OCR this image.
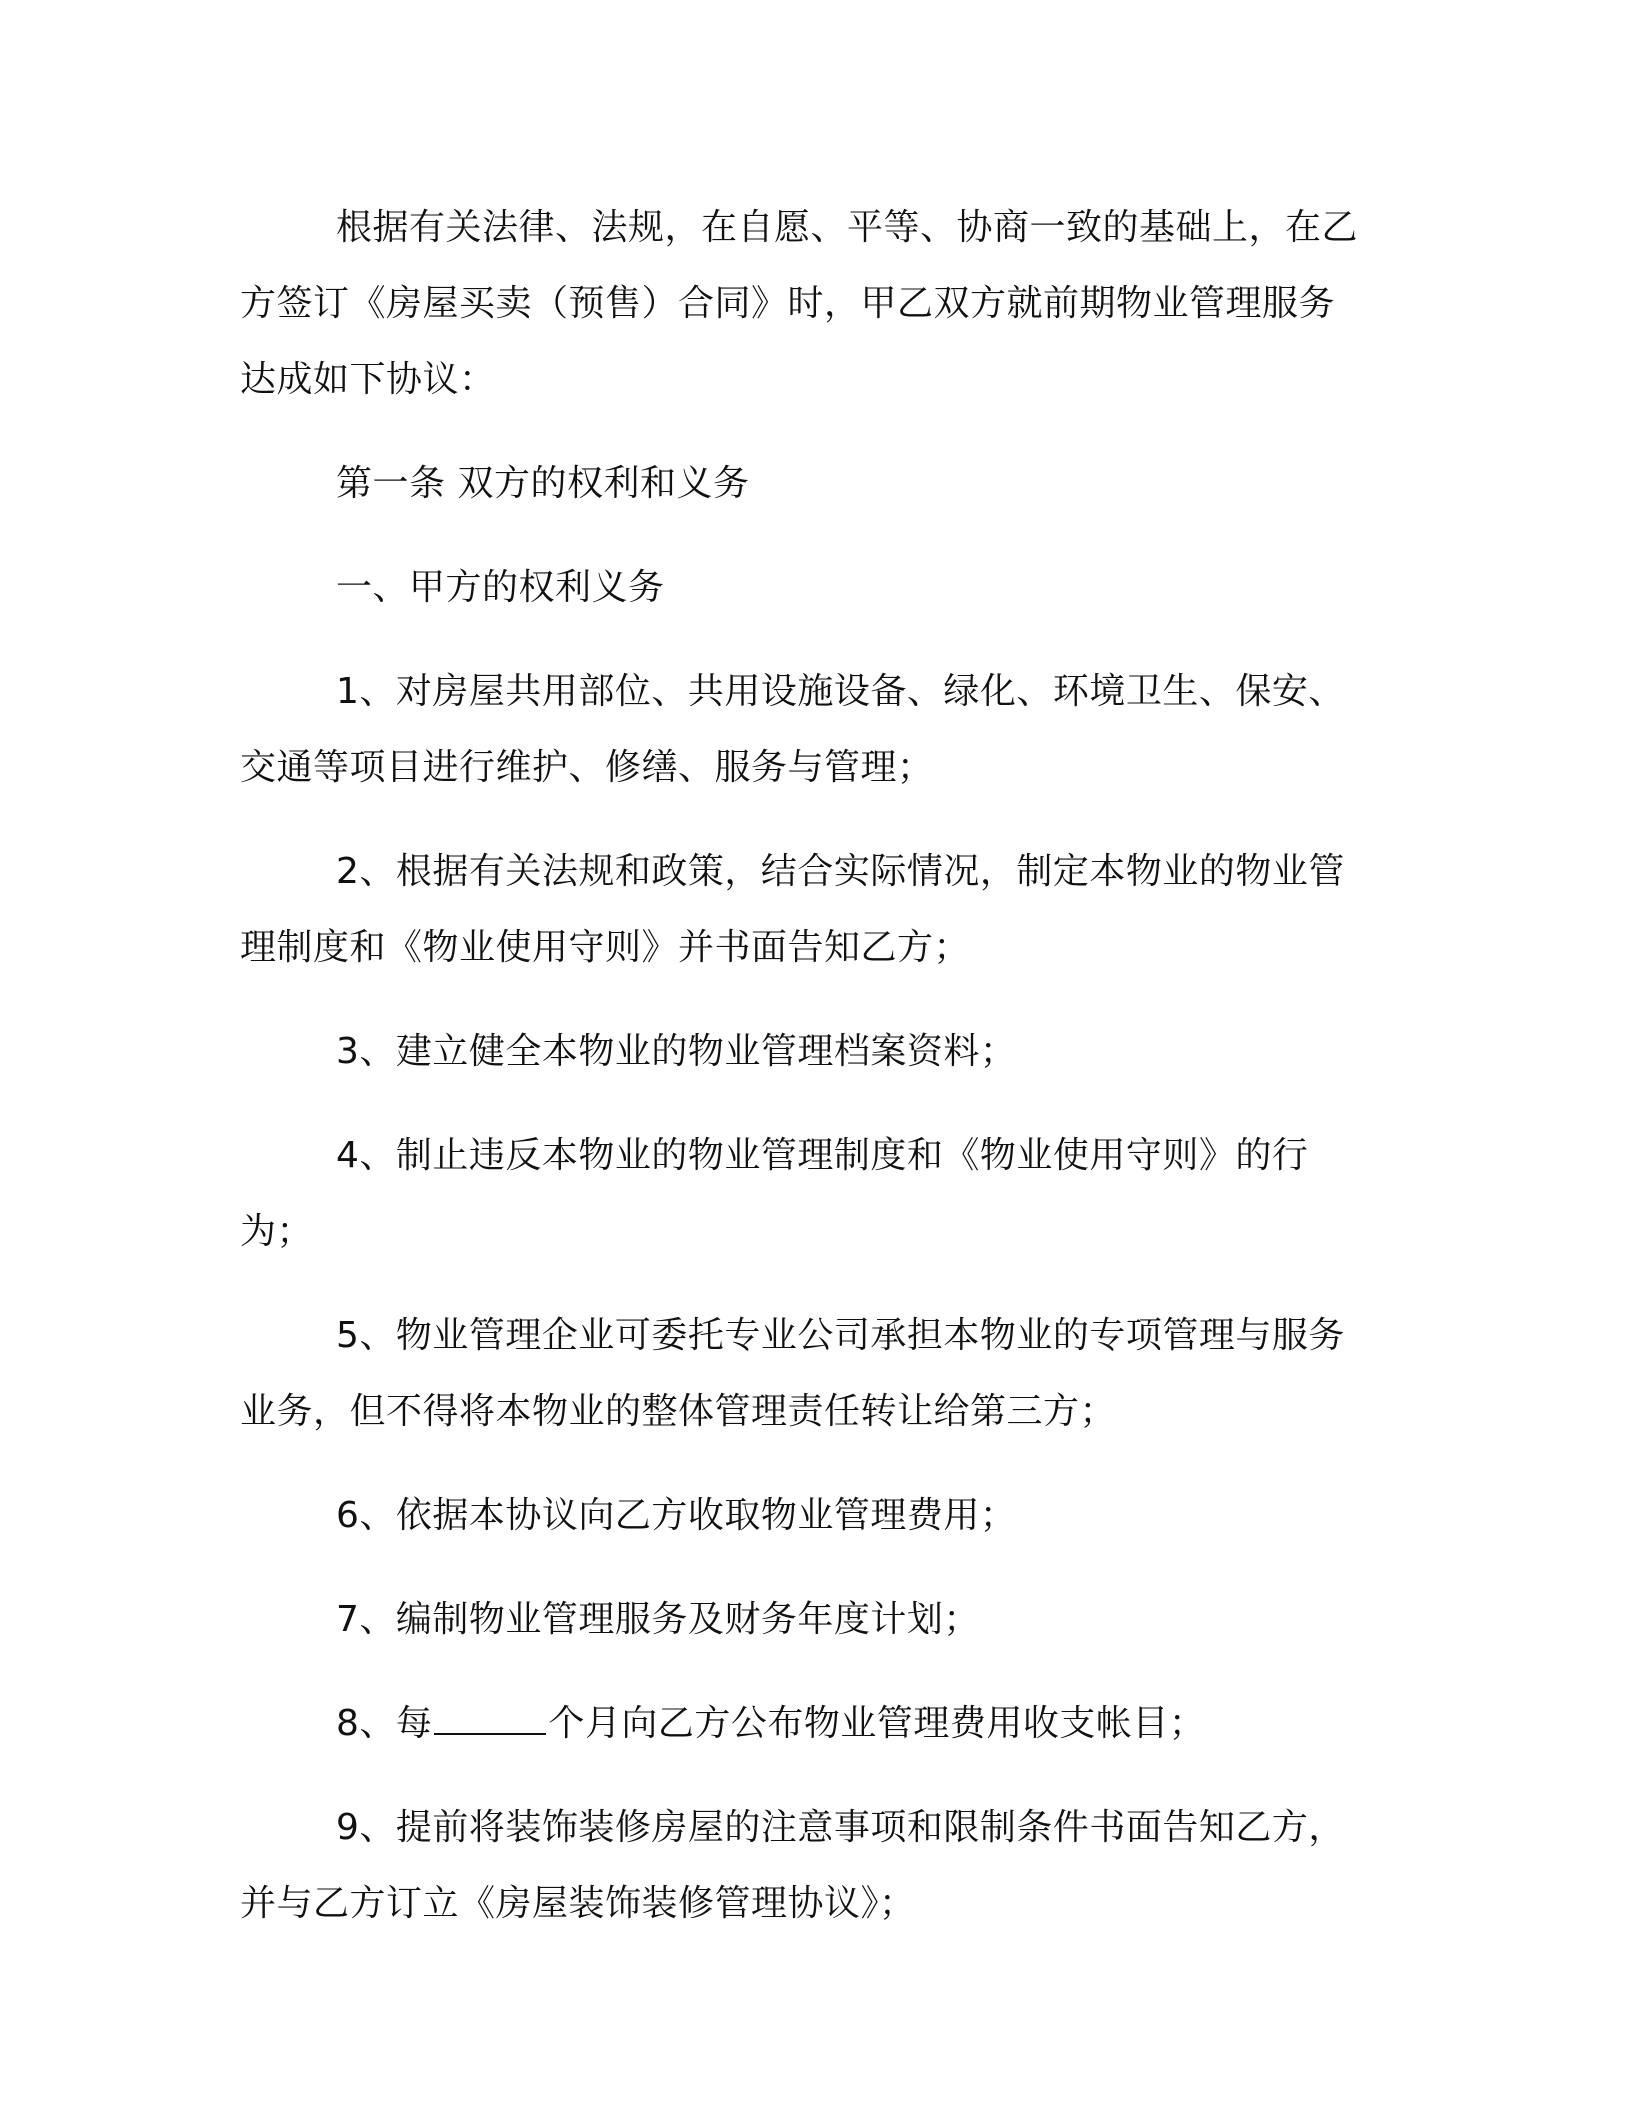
根据有关法律、法规，在自愿、平等、协商一致的基础上，在乙方签订《房屋买卖（预售）合同》时，甲乙双方就前期物业管理服务达成如下协议：

第一条 双方的权利和义务

一、甲方的权利义务

1、对房屋共用部位、共用设施设备、绿化、环境卫生、保安、交通等项目进行维护、修缮、服务与管理；

2、根据有关法规和政策，结合实际情况，制定本物业的物业管理制度和《物业使用守则》并书面告知乙方；

3、建立健全本物业的物业管理档案资料；

4、制止违反本物业的物业管理制度和《物业使用守则》的行为；

5、物业管理企业可委托专业公司承担本物业的专项管理与服务业务，但不得将本物业的整体管理责任转让给第三方；

6、依据本协议向乙方收取物业管理费用；

7、编制物业管理服务及财务年度计划；

8、每	个月向乙方公布物业管理费用收支帐目；

9、提前将装饰装修房屋的注意事项和限制条件书面告知乙方，并与乙方订立《房屋装饰装修管理协议》；
